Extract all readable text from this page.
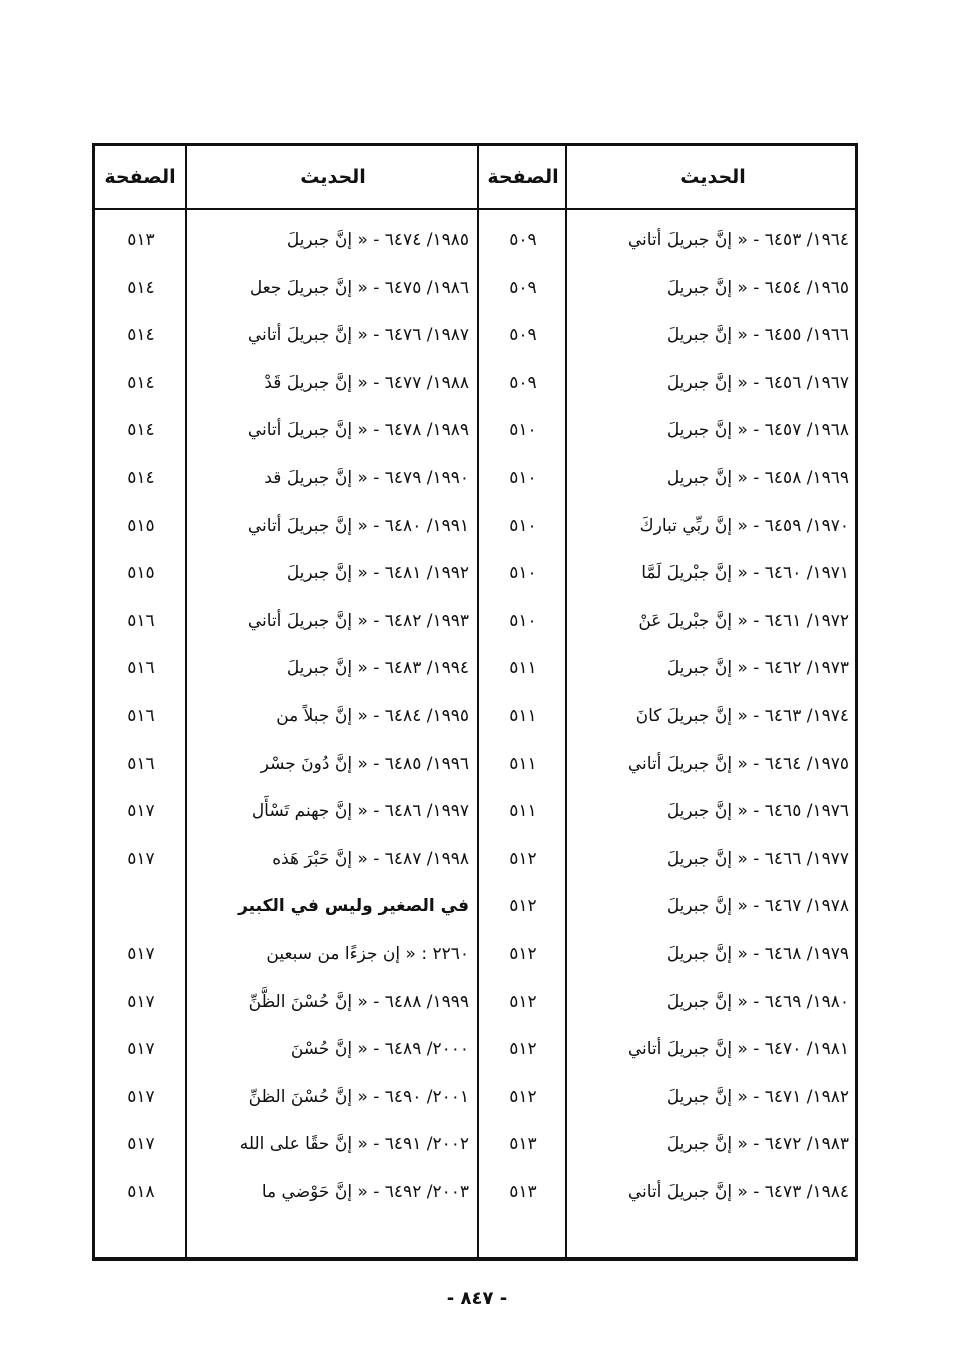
الحديث
الصفحة
الحديث
الصفحة
١٩٦٤/ ٦٤٥٣ - « إنَّ جبريلَ أتاني
٥٠٩
١٩٦٥/ ٦٤٥٤ - « إنَّ جبريلَ
٥٠٩
١٩٦٦/ ٦٤٥٥ - « إنَّ جبريلَ
٥٠٩
١٩٦٧/ ٦٤٥٦ - « إنَّ جبريلَ
٥٠٩
١٩٦٨/ ٦٤٥٧ - « إنَّ جبريلَ
٥١٠
١٩٦٩/ ٦٤٥٨ - « إنَّ جبريل
٥١٠
١٩٧٠/ ٦٤٥٩ - « إنَّ ربِّي تباركَ
٥١٠
١٩٧١/ ٦٤٦٠ - « إنَّ جبْريلَ لَمَّا
٥١٠
١٩٧٢/ ٦٤٦١ - « إنَّ جبْريلَ عَنْ
٥١٠
١٩٧٣/ ٦٤٦٢ - « إنَّ جبريلَ
٥١١
١٩٧٤/ ٦٤٦٣ - « إنَّ جبريلَ كانَ
٥١١
١٩٧٥/ ٦٤٦٤ - « إنَّ جبريلَ أتاني
٥١١
١٩٧٦/ ٦٤٦٥ - « إنَّ جبريلَ
٥١١
١٩٧٧/ ٦٤٦٦ - « إنَّ جبريلَ
٥١٢
١٩٧٨/ ٦٤٦٧ - « إنَّ جبريلَ
٥١٢
١٩٧٩/ ٦٤٦٨ - « إنَّ جبريلَ
٥١٢
١٩٨٠/ ٦٤٦٩ - « إنَّ جبريلَ
٥١٢
١٩٨١/ ٦٤٧٠ - « إنَّ جبريلَ أتاني
٥١٢
١٩٨٢/ ٦٤٧١ - « إنَّ جبريلَ
٥١٢
١٩٨٣/ ٦٤٧٢ - « إنَّ جبريلَ
٥١٣
١٩٨٤/ ٦٤٧٣ - « إنَّ جبريلَ أتاني
٥١٣
١٩٨٥/ ٦٤٧٤ - « إنَّ جبريلَ
٥١٣
١٩٨٦/ ٦٤٧٥ - « إنَّ جبريلَ جعل
٥١٤
١٩٨٧/ ٦٤٧٦ - « إنَّ جبريلَ أتاني
٥١٤
١٩٨٨/ ٦٤٧٧ - « إنَّ جبريلَ قَدْ
٥١٤
١٩٨٩/ ٦٤٧٨ - « إنَّ جبريلَ أتاني
٥١٤
١٩٩٠/ ٦٤٧٩ - « إنَّ جبريلَ قد
٥١٤
١٩٩١/ ٦٤٨٠ - « إنَّ جبريلَ أتاني
٥١٥
١٩٩٢/ ٦٤٨١ - « إنَّ جبريلَ
٥١٥
١٩٩٣/ ٦٤٨٢ - « إنَّ جبريلَ أتاني
٥١٦
١٩٩٤/ ٦٤٨٣ - « إنَّ جبريلَ
٥١٦
١٩٩٥/ ٦٤٨٤ - « إنَّ جبلاً من
٥١٦
١٩٩٦/ ٦٤٨٥ - « إنَّ دُونَ جسْر
٥١٦
١٩٩٧/ ٦٤٨٦ - « إنَّ جهنم تَسْأَل
٥١٧
١٩٩٨/ ٦٤٨٧ - « إنَّ حَبْرَ هَذه
٥١٧
في الصغير وليس في الكبير
٢٢٦٠ : « إن جزءًا من سبعين
٥١٧
١٩٩٩/ ٦٤٨٨ - « إنَّ حُسْنَ الظَّنِّ
٥١٧
٢٠٠٠/ ٦٤٨٩ - « إنَّ حُسْنَ
٥١٧
٢٠٠١/ ٦٤٩٠ - « إنَّ حُسْنَ الظنِّ
٥١٧
٢٠٠٢/ ٦٤٩١ - « إنَّ حقًا على الله
٥١٧
٢٠٠٣/ ٦٤٩٢ - « إنَّ حَوْضي ما
٥١٨
- ٨٤٧ -
